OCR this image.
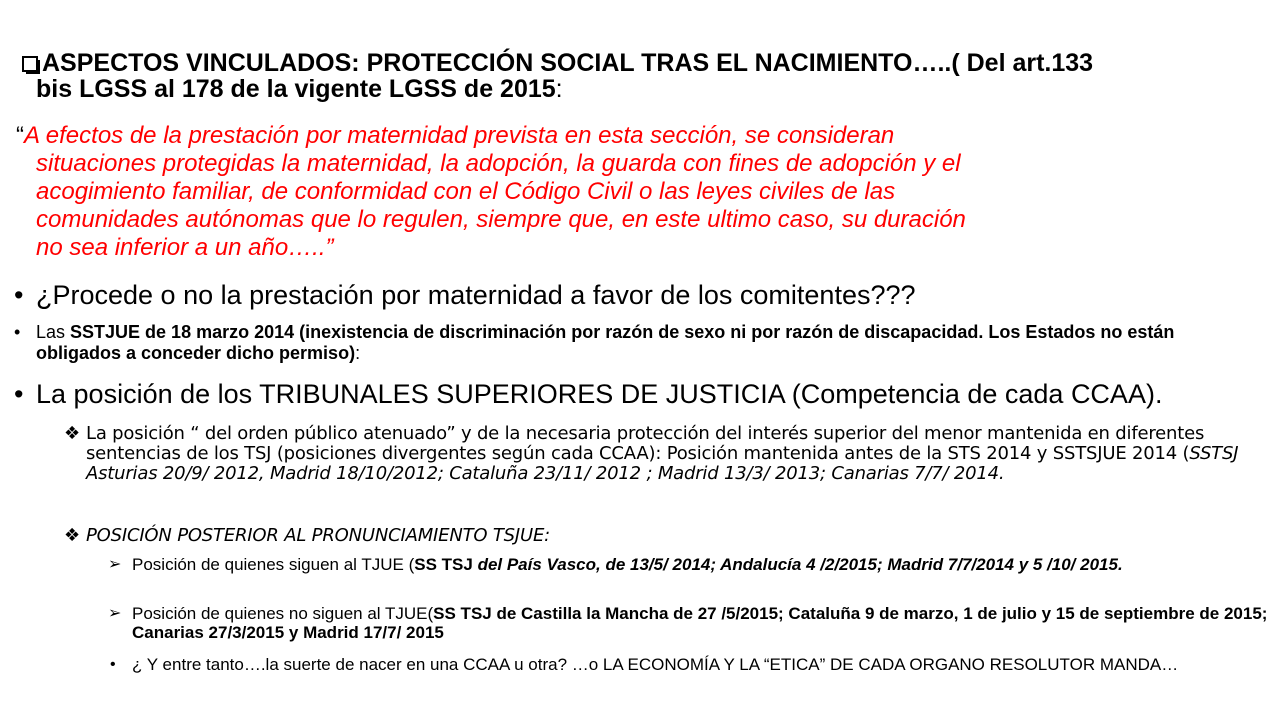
ASPECTOS VINCULADOS: PROTECCIÓN SOCIAL TRAS EL NACIMIENTO…..( Del art.133
bis LGSS al 178 de la vigente LGSS de 2015:
“A efectos de la prestación por maternidad prevista en esta sección, se consideran
situaciones protegidas la maternidad, la adopción, la guarda con fines de adopción y el
acogimiento familiar, de conformidad con el Código Civil o las leyes civiles de las
comunidades autónomas que lo regulen, siempre que, en este ultimo caso, su duración
no sea inferior a un año…..”
• ¿Procede o no la prestación por maternidad a favor de los comitentes???
• Las SSTJUE de 18 marzo 2014 (inexistencia de discriminación por razón de sexo ni por razón de discapacidad. Los Estados no están obligados a conceder dicho permiso):
• La posición de los TRIBUNALES SUPERIORES DE JUSTICIA (Competencia de cada CCAA).
❖ La posición “ del orden público atenuado” y de la necesaria protección del interés superior del menor mantenida en diferentes sentencias de los TSJ (posiciones divergentes según cada CCAA): Posición mantenida antes de la STS 2014 y SSTSJUE 2014 (SSTSJ Asturias 20/9/ 2012, Madrid 18/10/2012; Cataluña 23/11/ 2012 ; Madrid 13/3/ 2013; Canarias 7/7/ 2014.
❖ POSICIÓN POSTERIOR AL PRONUNCIAMIENTO TSJUE:
➢ Posición de quienes siguen al TJUE (SS TSJ del País Vasco, de 13/5/ 2014; Andalucía 4 /2/2015; Madrid 7/7/2014 y 5 /10/ 2015.
➢ Posición de quienes no siguen al TJUE(SS TSJ de Castilla la Mancha de 27 /5/2015; Cataluña 9 de marzo, 1 de julio y 15 de septiembre de 2015; Canarias 27/3/2015 y Madrid 17/7/ 2015
• ¿ Y entre tanto….la suerte de nacer en una CCAA u otra? …o LA ECONOMÍA Y LA “ETICA” DE CADA ORGANO RESOLUTOR MANDA…
